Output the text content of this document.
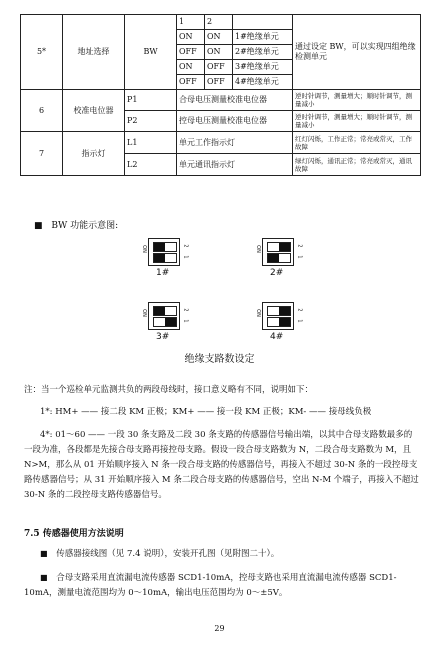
5*	地址选择	BW	1	2		通过设定 BW，可以实现四组绝缘检测单元
			ON	ON	1#绝缘单元	
			OFF	ON	2#绝缘单元	
			ON	OFF	3#绝缘单元	
			OFF	OFF	4#绝缘单元	
6	校准电位器	P1	合母电压测量校准电位器			逆时针调节，测量增大；顺时针调节，测量减小
		P2	控母电压测量校准电位器			逆时针调节，测量增大；顺时针调节，测量减小
7	指示灯	L1	单元工作指示灯			红灯闪烁，工作正常；常亮或常灭，工作故障
		L2	单元通讯指示灯			绿灯闪烁，通讯正常；常亮或常灭，通讯故障
■ BW 功能示意图:
ON	2
1
1#
ON	2
1
2#
ON	2
1
3#
ON	2
1
4#
绝缘支路数设定
注：当一个巡检单元监测共负的两段母线时，接口意义略有不同，说明如下：
1*: HM+ —— 接二段 KM 正极；KM+ —— 接一段 KM 正极；KM- —— 接母线负极
4*: 01～60 —— 一段 30 条支路及二段 30 条支路的传感器信号输出端，以其中合母支路数最多的一段为准，各段都是先接合母支路再接控母支路。假设一段合母支路数为 N，二段合母支路数为 M，且 N>M，那么从 01 开始顺序接入 N 条一段合母支路的传感器信号，再接入不超过 30-N 条的一段控母支路传感器信号；从 31 开始顺序接入 M 条二段合母支路的传感器信号，空出 N-M 个端子，再接入不超过 30-N 条的二段控母支路传感器信号。
7.5 传感器使用方法说明
■ 传感器接线图（见 7.4 说明），安装开孔图（见附图二十）。
■ 合母支路采用直流漏电流传感器 SCD1-10mA，控母支路也采用直流漏电流传感器 SCD1-10mA，测量电流范围均为 0～10mA，输出电压范围均为 0～±5V。
29
